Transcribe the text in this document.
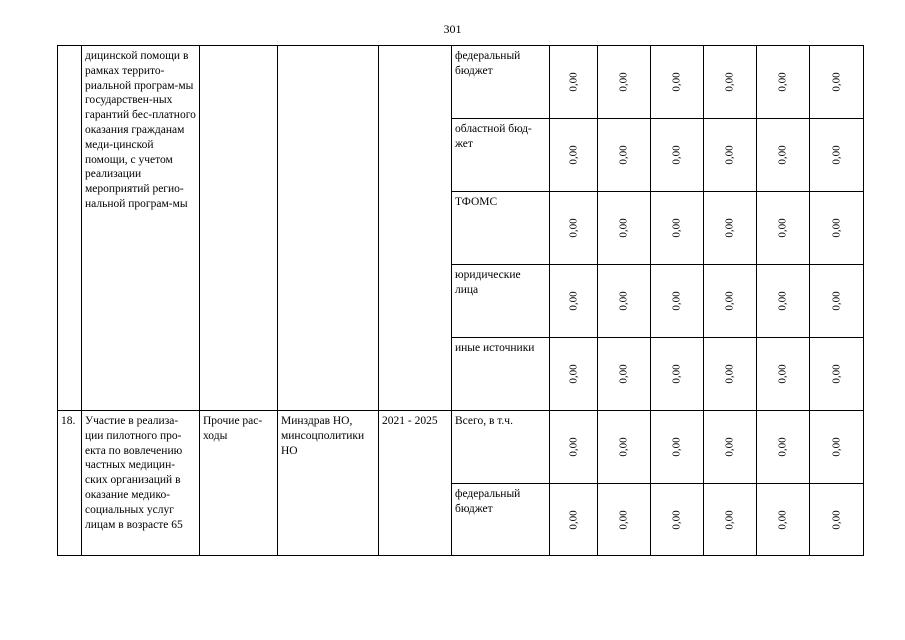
301
	дицинской помощи в рамках террито-риальной програм-мы государствен-ных гарантий бес-платного оказания гражданам меди-цинской помощи, с учетом реализации мероприятий регио-нальной програм-мы				федеральный бюджет	0,00	0,00	0,00	0,00	0,00	0,00

					областной бюд-жет	0,00	0,00	0,00	0,00	0,00	0,00

					ТФОМС	0,00	0,00	0,00	0,00	0,00	0,00

					юридические лица	0,00	0,00	0,00	0,00	0,00	0,00

					иные источники	0,00	0,00	0,00	0,00	0,00	0,00

18.	Участие в реализа-ции пилотного про-екта по вовлечению частных медицин-ских организаций в оказание медико-социальных услуг лицам в возрасте 65	Прочие рас-ходы	Минздрав НО, минсоцполитики НО	2021 - 2025	Всего, в т.ч.	0,00	0,00	0,00	0,00	0,00	0,00

					федеральный бюджет	0,00	0,00	0,00	0,00	0,00	0,00
